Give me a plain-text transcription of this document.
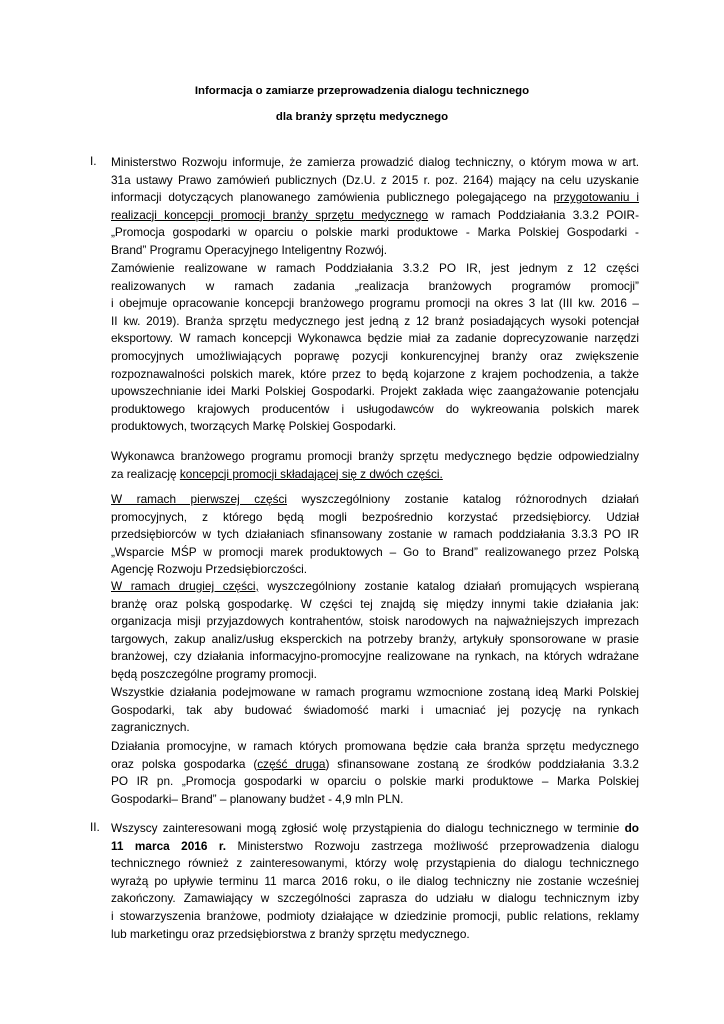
Informacja o zamiarze przeprowadzenia dialogu technicznego
dla branży sprzętu medycznego
I. Ministerstwo Rozwoju informuje, że zamierza prowadzić dialog techniczny, o którym mowa w art.
31a ustawy Prawo zamówień publicznych (Dz.U. z 2015 r. poz. 2164) mający na celu uzyskanie
informacji dotyczących planowanego zamówienia publicznego polegającego na przygotowaniu i
realizacji koncepcji promocji branży sprzętu medycznego w ramach Poddziałania 3.3.2 POIR-
„Promocja gospodarki w oparciu o polskie marki produktowe - Marka Polskiej Gospodarki -
Brand” Programu Operacyjnego Inteligentny Rozwój.
Zamówienie realizowane w ramach Poddziałania 3.3.2 PO IR, jest jednym z 12 części
realizowanych w ramach zadania „realizacja branżowych programów promocji”
i obejmuje opracowanie koncepcji branżowego programu promocji na okres 3 lat (III kw. 2016 –
II kw. 2019). Branża sprzętu medycznego jest jedną z 12 branż posiadających wysoki potencjał
eksportowy. W ramach koncepcji Wykonawca będzie miał za zadanie doprecyzowanie narzędzi
promocyjnych umożliwiających poprawę pozycji konkurencyjnej branży oraz zwiększenie
rozpoznawalności polskich marek, które przez to będą kojarzone z krajem pochodzenia, a także
upowszechnianie idei Marki Polskiej Gospodarki. Projekt zakłada więc zaangażowanie potencjału
produktowego krajowych producentów i usługodawców do wykreowania polskich marek
produktowych, tworzących Markę Polskiej Gospodarki.
Wykonawca branżowego programu promocji branży sprzętu medycznego będzie odpowiedzialny
za realizację koncepcji promocji składającej się z dwóch części.
W ramach pierwszej części wyszczególniony zostanie katalog różnorodnych działań
promocyjnych, z którego będą mogli bezpośrednio korzystać przedsiębiorcy. Udział
przedsiębiorców w tych działaniach sfinansowany zostanie w ramach poddziałania 3.3.3 PO IR
„Wsparcie MŚP w promocji marek produktowych – Go to Brand” realizowanego przez Polską
Agencję Rozwoju Przedsiębiorczości.
W ramach drugiej części, wyszczególniony zostanie katalog działań promujących wspieraną
branżę oraz polską gospodarkę. W części tej znajdą się między innymi takie działania jak:
organizacja misji przyjazdowych kontrahentów, stoisk narodowych na najważniejszych imprezach
targowych, zakup analiz/usług eksperckich na potrzeby branży, artykuły sponsorowane w prasie
branżowej, czy działania informacyjno-promocyjne realizowane na rynkach, na których wdrażane
będą poszczególne programy promocji.
Wszystkie działania podejmowane w ramach programu wzmocnione zostaną ideą Marki Polskiej
Gospodarki, tak aby budować świadomość marki i umacniać jej pozycję na rynkach
zagranicznych.
Działania promocyjne, w ramach których promowana będzie cała branża sprzętu medycznego
oraz polska gospodarka (część druga) sfinansowane zostaną ze środków poddziałania 3.3.2
PO IR pn. „Promocja gospodarki w oparciu o polskie marki produktowe – Marka Polskiej
Gospodarki– Brand” – planowany budżet - 4,9 mln PLN.
II. Wszyscy zainteresowani mogą zgłosić wolę przystąpienia do dialogu technicznego w terminie do
11 marca 2016 r. Ministerstwo Rozwoju zastrzega możliwość przeprowadzenia dialogu
technicznego również z zainteresowanymi, którzy wolę przystąpienia do dialogu technicznego
wyrażą po upływie terminu 11 marca 2016 roku, o ile dialog techniczny nie zostanie wcześniej
zakończony. Zamawiający w szczególności zaprasza do udziału w dialogu technicznym izby
i stowarzyszenia branżowe, podmioty działające w dziedzinie promocji, public relations, reklamy
lub marketingu oraz przedsiębiorstwa z branży sprzętu medycznego.
